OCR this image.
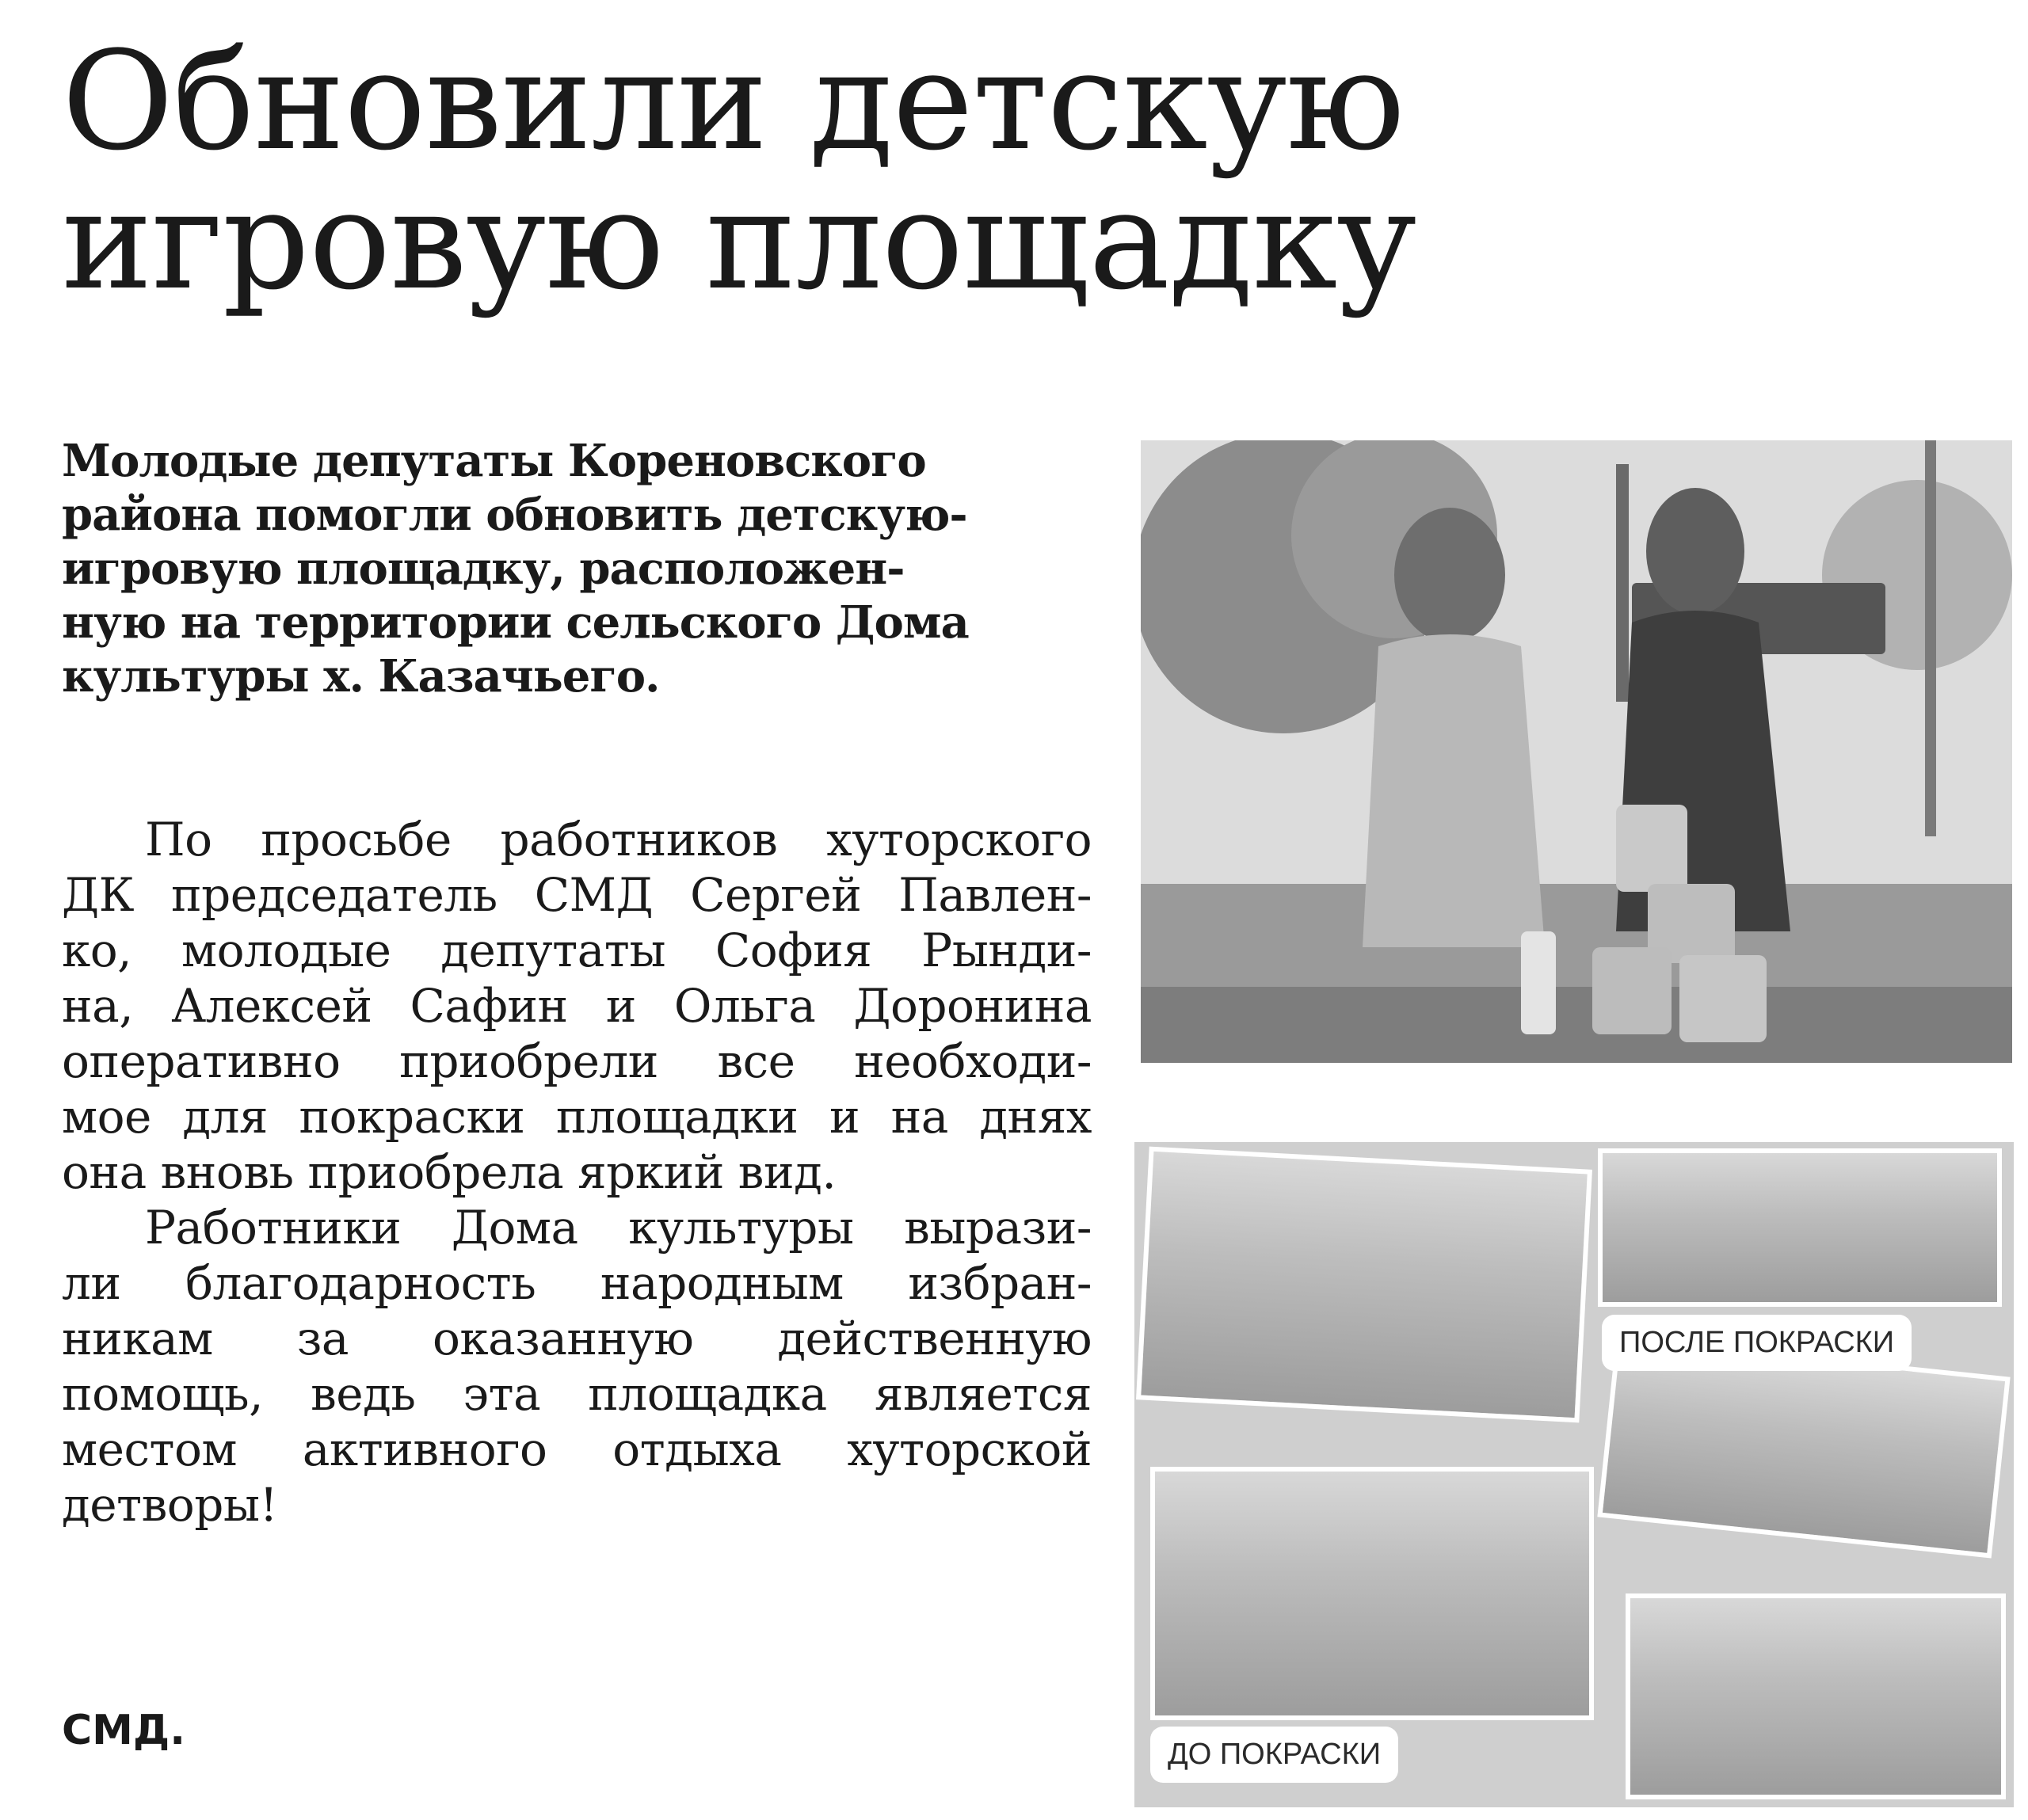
Обновили детскую
игровую площадку

Молодые депутаты Кореновского
района помогли обновить детскую-
игровую площадку, расположен-
ную на территории сельского Дома
культуры х. Казачьего.

По просьбе работников хуторского
ДК председатель СМД Сергей Павлен-
ко, молодые депутаты София Рынди-
на, Алексей Сафин и Ольга Доронина
оперативно приобрели все необходи-
мое для покраски площадки и на днях
она вновь приобрела яркий вид.
Работники Дома культуры вырази-
ли благодарность народным избран-
никам за оказанную действенную
помощь, ведь эта площадка является
местом активного отдыха хуторской
детворы!
СМД.
ПОСЛЕ ПОКРАСКИ
ДО ПОКРАСКИ
